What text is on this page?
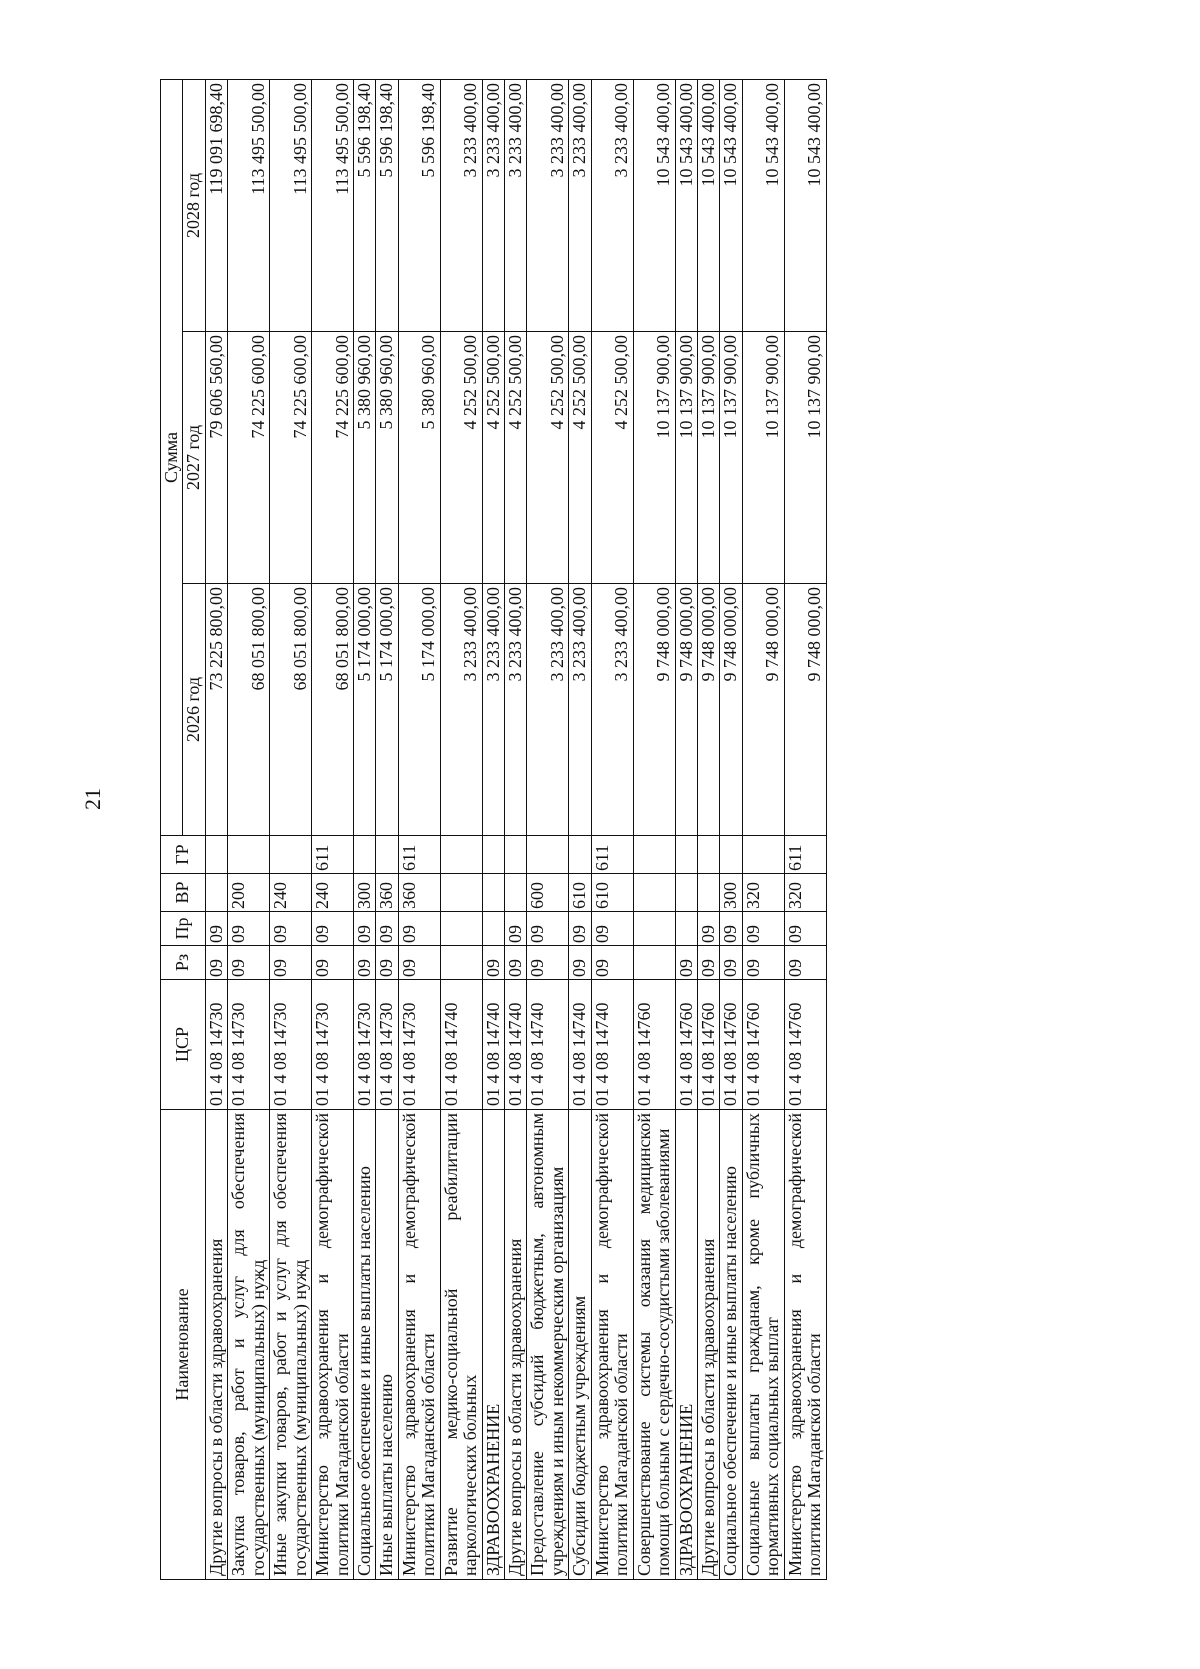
21
Наименование	ЦСР	Рз	Пр	ВР	ГР	Сумма		
						2026 год	2027 год	2028 год
Другие вопросы в области здравоохранения	01 4 08 14730	09	09			73 225 800,00	79 606 560,00	119 091 698,40
Закупка товаров, работ и услуг для обеспечения государственных (муниципальных) нужд	01 4 08 14730	09	09	200		68 051 800,00	74 225 600,00	113 495 500,00
Иные закупки товаров, работ и услуг для обеспечения государственных (муниципальных) нужд	01 4 08 14730	09	09	240		68 051 800,00	74 225 600,00	113 495 500,00
Министерство здравоохранения и демографической политики Магаданской области	01 4 08 14730	09	09	240	611	68 051 800,00	74 225 600,00	113 495 500,00
Социальное обеспечение и иные выплаты населению	01 4 08 14730	09	09	300		5 174 000,00	5 380 960,00	5 596 198,40
Иные выплаты населению	01 4 08 14730	09	09	360		5 174 000,00	5 380 960,00	5 596 198,40
Министерство здравоохранения и демографической политики Магаданской области	01 4 08 14730	09	09	360	611	5 174 000,00	5 380 960,00	5 596 198,40
Развитие медико-социальной реабилитации наркологических больных	01 4 08 14740					3 233 400,00	4 252 500,00	3 233 400,00
ЗДРАВООХРАНЕНИЕ	01 4 08 14740	09				3 233 400,00	4 252 500,00	3 233 400,00
Другие вопросы в области здравоохранения	01 4 08 14740	09	09			3 233 400,00	4 252 500,00	3 233 400,00
Предоставление субсидий бюджетным, автономным учреждениям и иным некоммерческим организациям	01 4 08 14740	09	09	600		3 233 400,00	4 252 500,00	3 233 400,00
Субсидии бюджетным учреждениям	01 4 08 14740	09	09	610		3 233 400,00	4 252 500,00	3 233 400,00
Министерство здравоохранения и демографической политики Магаданской области	01 4 08 14740	09	09	610	611	3 233 400,00	4 252 500,00	3 233 400,00
Совершенствование системы оказания медицинской помощи больным с сердечно-сосудистыми заболеваниями	01 4 08 14760					9 748 000,00	10 137 900,00	10 543 400,00
ЗДРАВООХРАНЕНИЕ	01 4 08 14760	09				9 748 000,00	10 137 900,00	10 543 400,00
Другие вопросы в области здравоохранения	01 4 08 14760	09	09			9 748 000,00	10 137 900,00	10 543 400,00
Социальное обеспечение и иные выплаты населению	01 4 08 14760	09	09	300		9 748 000,00	10 137 900,00	10 543 400,00
Социальные выплаты гражданам, кроме публичных нормативных социальных выплат	01 4 08 14760	09	09	320		9 748 000,00	10 137 900,00	10 543 400,00
Министерство здравоохранения и демографической политики Магаданской области	01 4 08 14760	09	09	320	611	9 748 000,00	10 137 900,00	10 543 400,00
